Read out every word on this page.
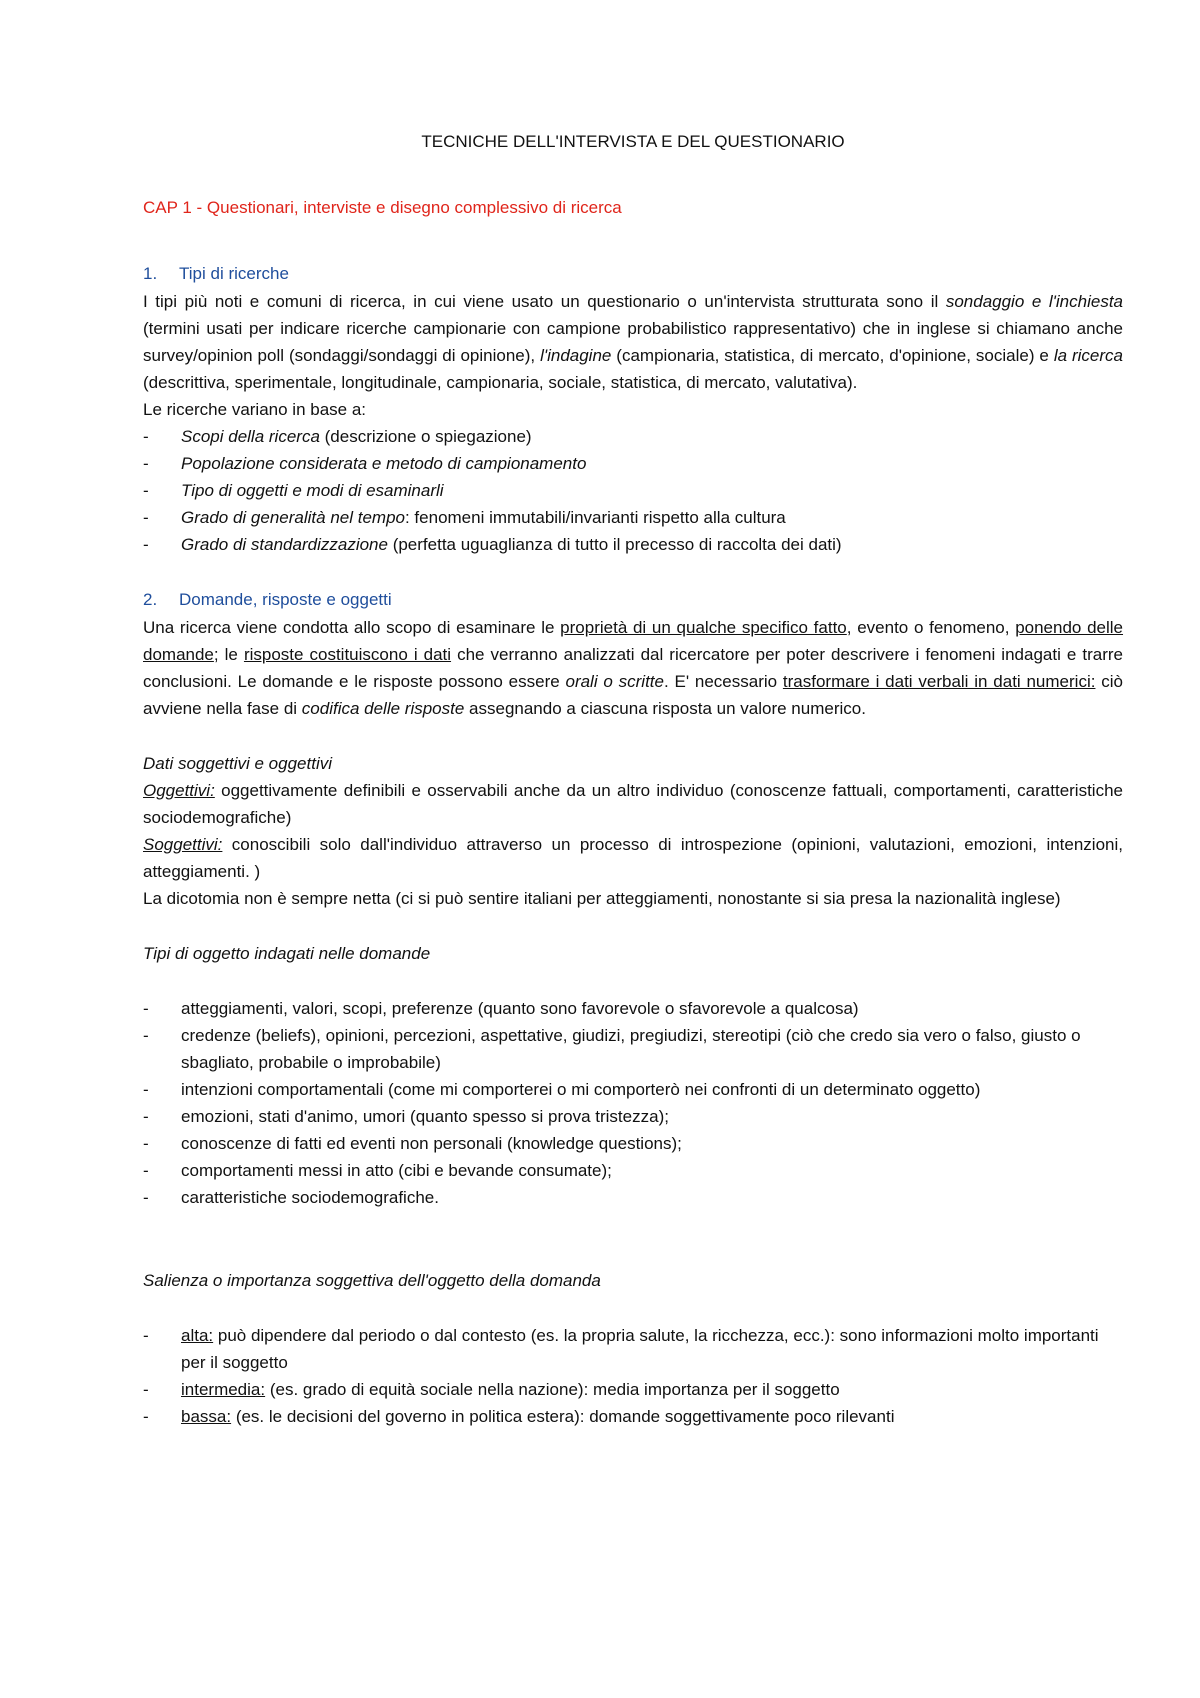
TECNICHE DELL'INTERVISTA E DEL QUESTIONARIO

CAP 1 - Questionari, interviste e disegno complessivo di ricerca

1. Tipi di ricerche

I tipi più noti e comuni di ricerca, in cui viene usato un questionario o un'intervista strutturata sono il sondaggio e l'inchiesta (termini usati per indicare ricerche campionarie con campione probabilistico rappresentativo) che in inglese si chiamano anche survey/opinion poll (sondaggi/sondaggi di opinione), l'indagine (campionaria, statistica, di mercato, d'opinione, sociale) e la ricerca (descrittiva, sperimentale, longitudinale, campionaria, sociale, statistica, di mercato, valutativa).

Le ricerche variano in base a:

- Scopi della ricerca (descrizione o spiegazione)
- Popolazione considerata e metodo di campionamento
- Tipo di oggetti e modi di esaminarli
- Grado di generalità nel tempo: fenomeni immutabili/invarianti rispetto alla cultura
- Grado di standardizzazione (perfetta uguaglianza di tutto il precesso di raccolta dei dati)

2. Domande, risposte e oggetti

Una ricerca viene condotta allo scopo di esaminare le proprietà di un qualche specifico fatto, evento o fenomeno, ponendo delle domande; le risposte costituiscono i dati che verranno analizzati dal ricercatore per poter descrivere i fenomeni indagati e trarre conclusioni. Le domande e le risposte possono essere orali o scritte. E' necessario trasformare i dati verbali in dati numerici: ciò avviene nella fase di codifica delle risposte assegnando a ciascuna risposta un valore numerico.

Dati soggettivi e oggettivi

Oggettivi: oggettivamente definibili e osservabili anche da un altro individuo (conoscenze fattuali, comportamenti, caratteristiche sociodemografiche)

Soggettivi: conoscibili solo dall'individuo attraverso un processo di introspezione (opinioni, valutazioni, emozioni, intenzioni, atteggiamenti. )

La dicotomia non è sempre netta (ci si può sentire italiani per atteggiamenti, nonostante si sia presa la nazionalità inglese)

Tipi di oggetto indagati nelle domande

- atteggiamenti, valori, scopi, preferenze (quanto sono favorevole o sfavorevole a qualcosa)
- credenze (beliefs), opinioni, percezioni, aspettative, giudizi, pregiudizi, stereotipi (ciò che credo sia vero o falso, giusto o sbagliato, probabile o improbabile)
- intenzioni comportamentali (come mi comporterei o mi comporterò nei confronti di un determinato oggetto)
- emozioni, stati d'animo, umori (quanto spesso si prova tristezza);
- conoscenze di fatti ed eventi non personali (knowledge questions);
- comportamenti messi in atto (cibi e bevande consumate);
- caratteristiche sociodemografiche.

Salienza o importanza soggettiva dell'oggetto della domanda

- alta: può dipendere dal periodo o dal contesto (es. la propria salute, la ricchezza, ecc.): sono informazioni molto importanti per il soggetto
- intermedia: (es. grado di equità sociale nella nazione): media importanza per il soggetto
- bassa: (es. le decisioni del governo in politica estera): domande soggettivamente poco rilevanti
